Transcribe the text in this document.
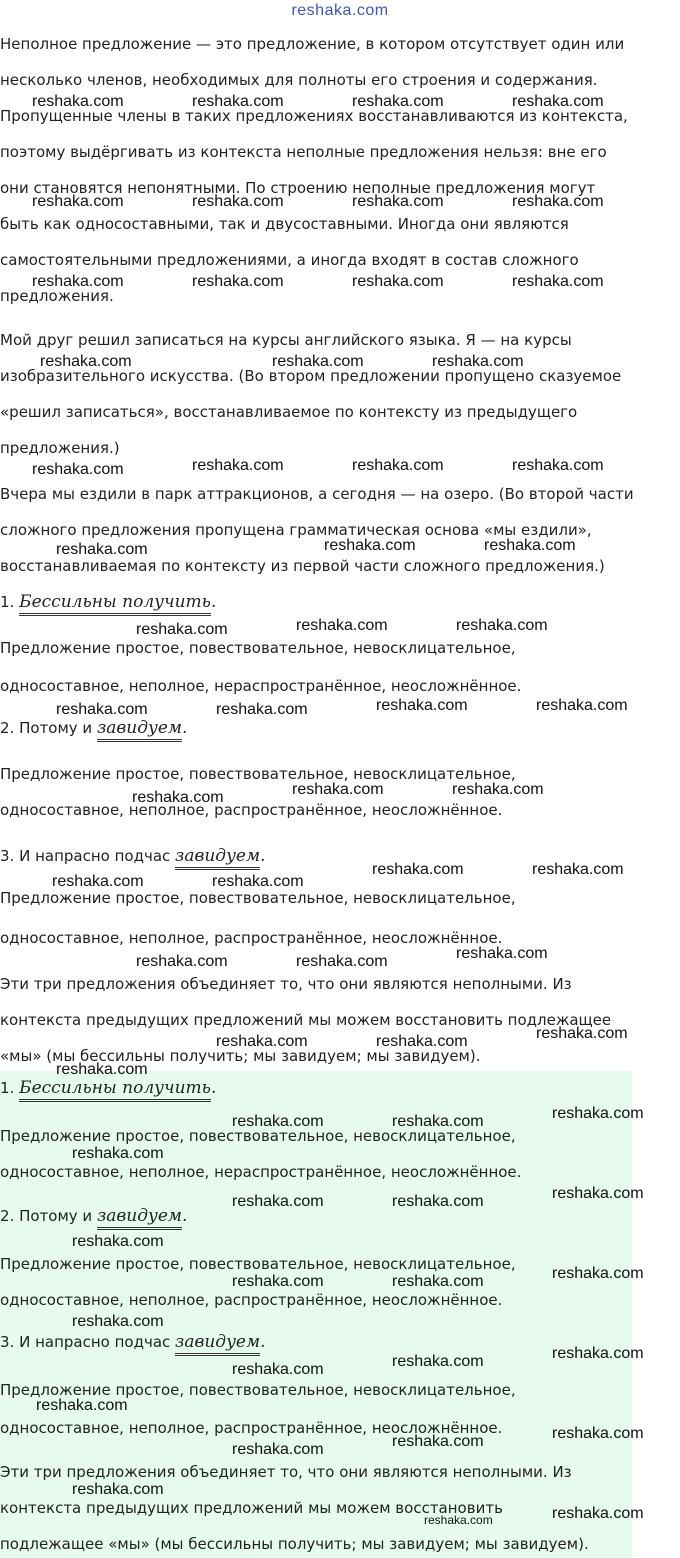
reshaka.com
Неполное предложение — это предложение, в котором отсутствует один или
несколько членов, необходимых для полноты его строения и содержания.
Пропущенные члены в таких предложениях восстанавливаются из контекста,
поэтому выдёргивать из контекста неполные предложения нельзя: вне его
они становятся непонятными. По строению неполные предложения могут
быть как односоставными, так и двусоставными. Иногда они являются
самостоятельными предложениями, а иногда входят в состав сложного
предложения.
Мой друг решил записаться на курсы английского языка. Я — на курсы
изобразительного искусства. (Во втором предложении пропущено сказуемое
«решил записаться», восстанавливаемое по контексту из предыдущего
предложения.)
Вчера мы ездили в парк аттракционов, а сегодня — на озеро. (Во второй части
сложного предложения пропущена грамматическая основа «мы ездили»,
восстанавливаемая по контексту из первой части сложного предложения.)
Предложение простое, повествовательное, невосклицательное,
односоставное, неполное, нераспространённое, неосложнённое.
Предложение простое, повествовательное, невосклицательное,
односоставное, неполное, распространённое, неосложнённое.
Предложение простое, повествовательное, невосклицательное,
односоставное, неполное, распространённое, неосложнённое.
Эти три предложения объединяет то, что они являются неполными. Из
контекста предыдущих предложений мы можем восстановить подлежащее
«мы» (мы бессильны получить; мы завидуем; мы завидуем).
Предложение простое, повествовательное, невосклицательное,
односоставное, неполное, нераспространённое, неосложнённое.
Предложение простое, повествовательное, невосклицательное,
односоставное, неполное, распространённое, неосложнённое.
Предложение простое, повествовательное, невосклицательное,
односоставное, неполное, распространённое, неосложнённое.
Эти три предложения объединяет то, что они являются неполными. Из
контекста предыдущих предложений мы можем восстановить
подлежащее «мы» (мы бессильны получить; мы завидуем; мы завидуем).
1. Бессильны получить.
2. Потому и завидуем.
3. И напрасно подчас завидуем.
1. Бессильны получить.
2. Потому и завидуем.
3. И напрасно подчас завидуем.
reshaka.com	reshaka.com	reshaka.com	reshaka.com
reshaka.com	reshaka.com	reshaka.com	reshaka.com
reshaka.com	reshaka.com	reshaka.com	reshaka.com
reshaka.com	reshaka.com	reshaka.com
reshaka.com	reshaka.com	reshaka.com	reshaka.com
reshaka.com	reshaka.com	reshaka.com
reshaka.com	reshaka.com	reshaka.com
reshaka.com	reshaka.com	reshaka.com	reshaka.com
reshaka.com	reshaka.com	reshaka.com
reshaka.com	reshaka.com
reshaka.com	reshaka.com
reshaka.com	reshaka.com	reshaka.com
reshaka.com	reshaka.com	reshaka.com
reshaka.com
reshaka.com	reshaka.com	reshaka.com
reshaka.com
reshaka.com	reshaka.com	reshaka.com
reshaka.com
reshaka.com	reshaka.com	reshaka.com
reshaka.com
reshaka.com	reshaka.com	reshaka.com
reshaka.com
reshaka.com	reshaka.com	reshaka.com
reshaka.com
reshaka.com
reshaka.com
